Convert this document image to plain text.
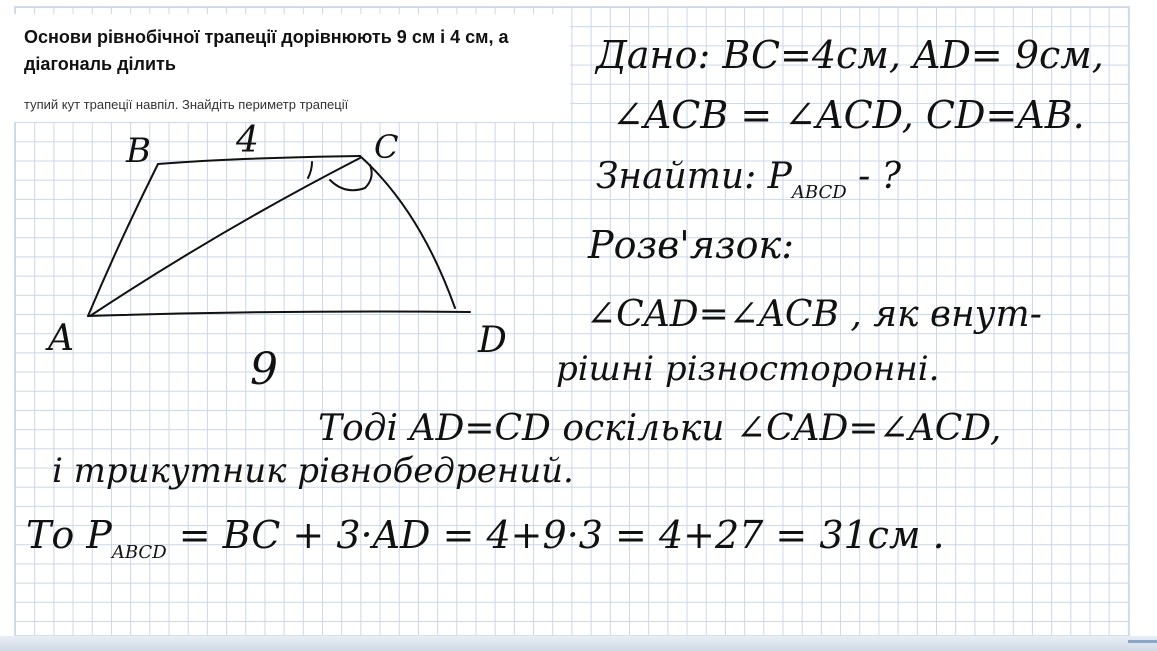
Основи рівнобічної трапеції дорівнюють 9 см і 4 см, а діагональ ділить

тупий кут трапеції навпіл. Знайдіть периметр трапеції

B 4	C
A	D
9
Дано: BC=4см, AD= 9см,
∠ACB = ∠ACD, CD=AB.
Знайти: $P_{ABCD}$ - ?
Розв'язок:
∠CAD=∠ACB , як внут-
рішні різносторонні.
Тоді AD=CD оскільки ∠CAD=∠ACD,
і трикутник рівнобедрений.
То $P_{ABCD}$ = BC + 3·AD = 4+9·3 = 4+27 = 31см .
